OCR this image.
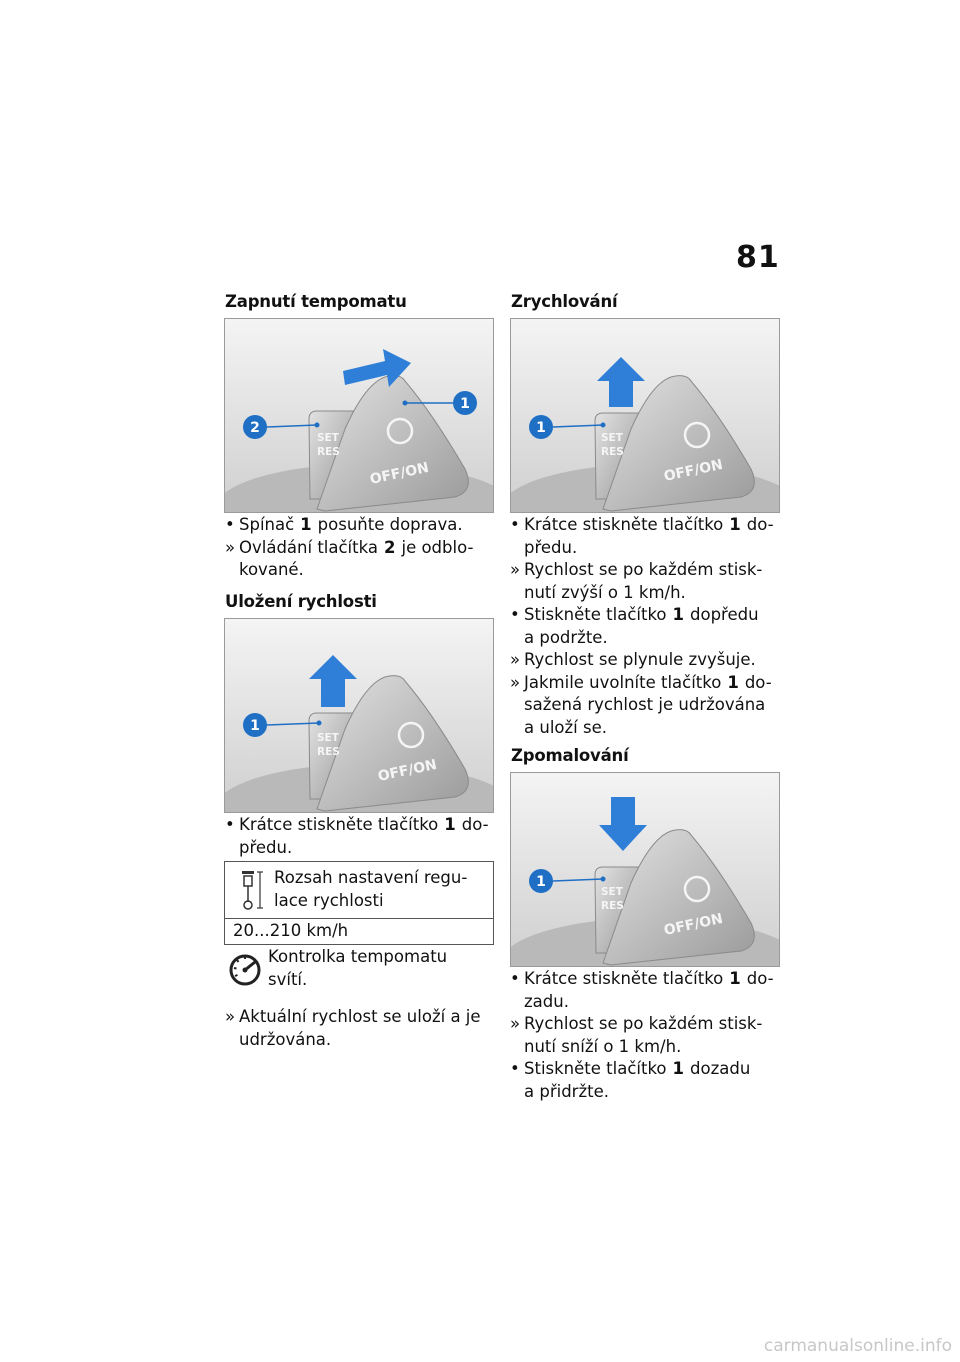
81
Zapnutí tempomatu
SET
RES
OFF/ON
2
1
• Spínač 1 posuňte doprava.
» Ovládání tlačítka 2 je odblo-
kované.
Uložení rychlosti
SET
RES
OFF/ON
1
• Krátce stiskněte tlačítko 1 do-
předu.
Rozsah nastavení regu-
lace rychlosti
20...210 km/h
Kontrolka tempomatu
svítí.
» Aktuální rychlost se uloží a je
udržována.
Zrychlování
SET
RES
OFF/ON
1
• Krátce stiskněte tlačítko 1 do-
předu.
» Rychlost se po každém stisk-
nutí zvýší o 1 km/h.
• Stiskněte tlačítko 1 dopředu
a podržte.
» Rychlost se plynule zvyšuje.
» Jakmile uvolníte tlačítko 1 do-
sažená rychlost je udržována
a uloží se.
Zpomalování
SET
RES
OFF/ON
1
• Krátce stiskněte tlačítko 1 do-
zadu.
» Rychlost se po každém stisk-
nutí sníží o 1 km/h.
• Stiskněte tlačítko 1 dozadu
a přidržte.
carmanualsonline.info
